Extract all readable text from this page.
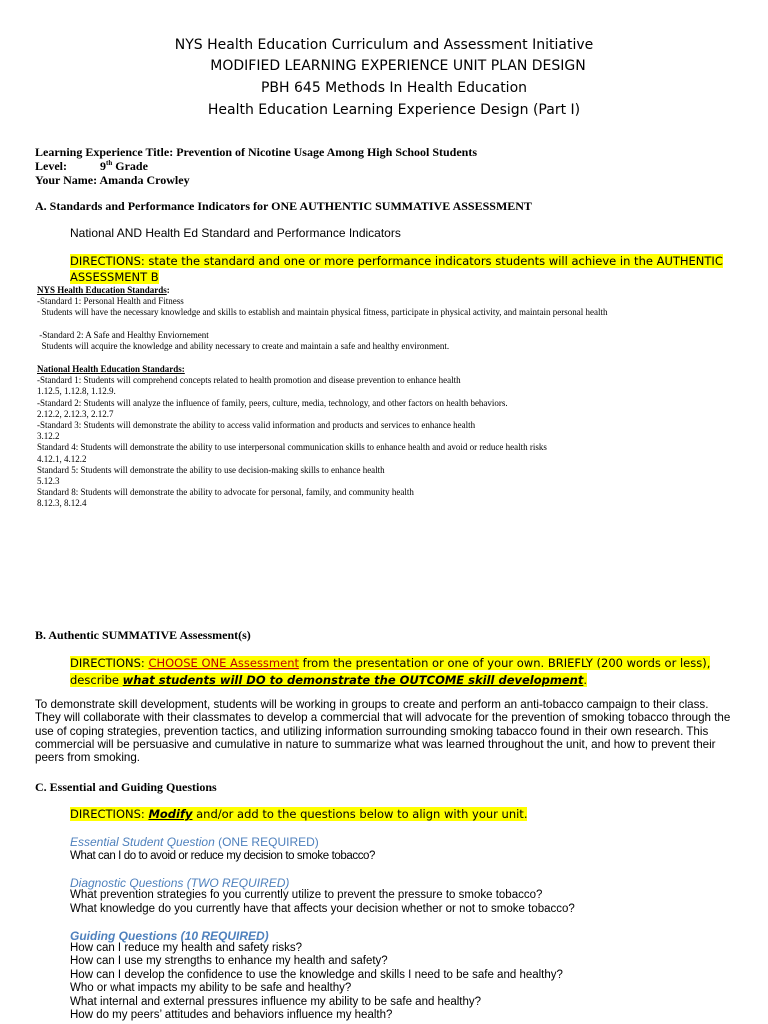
NYS Health Education Curriculum and Assessment Initiative
MODIFIED LEARNING EXPERIENCE UNIT PLAN DESIGN
PBH 645 Methods In Health Education
Health Education Learning Experience Design (Part I)
Learning Experience Title: Prevention of Nicotine Usage Among High School Students
Level:	9th Grade
Your Name: Amanda Crowley
A. Standards and Performance Indicators for ONE AUTHENTIC SUMMATIVE ASSESSMENT
National AND Health Ed Standard and Performance Indicators
DIRECTIONS: state the standard and one or more performance indicators students will achieve in the AUTHENTIC
ASSESSMENT B
NYS Health Education Standards:
-Standard 1: Personal Health and Fitness
Students will have the necessary knowledge and skills to establish and maintain physical fitness, participate in physical activity, and maintain personal health
-Standard 2: A Safe and Healthy Enviornement
Students will acquire the knowledge and ability necessary to create and maintain a safe and healthy environment.
National Health Education Standards:
-Standard 1: Students will comprehend concepts related to health promotion and disease prevention to enhance health
1.12.5, 1.12.8, 1.12.9.
-Standard 2: Students will analyze the influence of family, peers, culture, media, technology, and other factors on health behaviors.
2.12.2, 2.12.3, 2.12.7
-Standard 3: Students will demonstrate the ability to access valid information and products and services to enhance health
3.12.2
Standard 4: Students will demonstrate the ability to use interpersonal communication skills to enhance health and avoid or reduce health risks
4.12.1, 4.12.2
Standard 5: Students will demonstrate the ability to use decision-making skills to enhance health
5.12.3
Standard 8: Students will demonstrate the ability to advocate for personal, family, and community health
8.12.3, 8.12.4
B. Authentic SUMMATIVE Assessment(s)
DIRECTIONS: CHOOSE ONE Assessment from the presentation or one of your own. BRIEFLY (200 words or less),
describe what students will DO to demonstrate the OUTCOME skill development.
To demonstrate skill development, students will be working in groups to create and perform an anti-tobacco campaign to their class.
They will collaborate with their classmates to develop a commercial that will advocate for the prevention of smoking tobacco through the
use of coping strategies, prevention tactics, and utilizing information surrounding smoking tabacco found in their own research. This
commercial will be persuasive and cumulative in nature to summarize what was learned throughout the unit, and how to prevent their
peers from smoking.
C. Essential and Guiding Questions
DIRECTIONS: Modify and/or add to the questions below to align with your unit.
Essential Student Question (ONE REQUIRED)
What can I do to avoid or reduce my decision to smoke tobacco?
Diagnostic Questions (TWO REQUIRED)
What prevention strategies fo you currently utilize to prevent the pressure to smoke tobacco?
What knowledge do you currently have that affects your decision whether or not to smoke tobacco?
Guiding Questions (10 REQUIRED)
How can I reduce my health and safety risks?
How can I use my strengths to enhance my health and safety?
How can I develop the confidence to use the knowledge and skills I need to be safe and healthy?
Who or what impacts my ability to be safe and healthy?
What internal and external pressures influence my ability to be safe and healthy?
How do my peers’ attitudes and behaviors influence my health?
